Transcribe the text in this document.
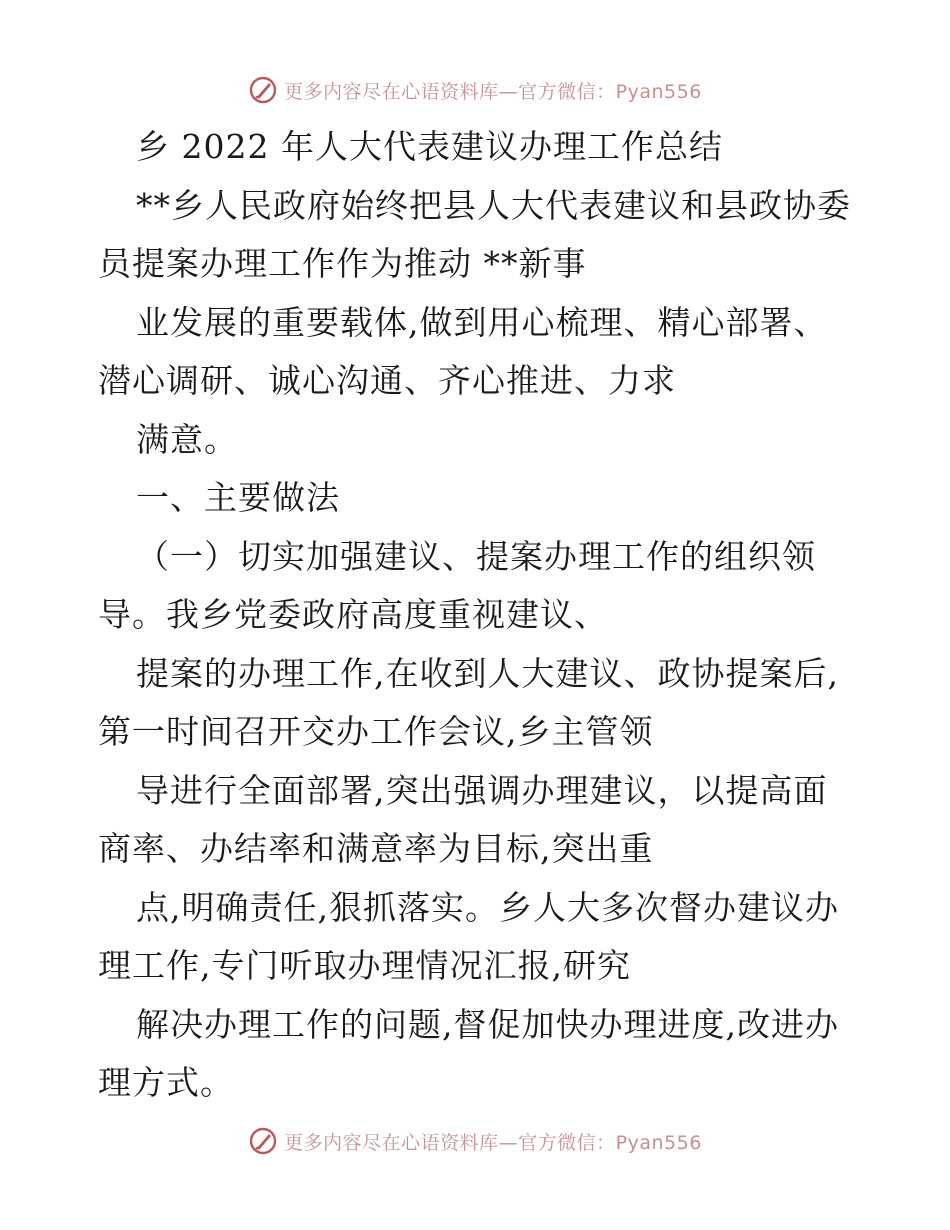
更多内容尽在心语资料库—官方微信：Pyan556
乡 2022 年人大代表建议办理工作总结
**乡人民政府始终把县人大代表建议和县政协委
员提案办理工作作为推动 **新事
业发展的重要载体,做到用心梳理、精心部署、
潜心调研、诚心沟通、齐心推进、力求
满意。
一、主要做法
（一）切实加强建议、提案办理工作的组织领
导。我乡党委政府高度重视建议、
提案的办理工作,在收到人大建议、政协提案后,
第一时间召开交办工作会议,乡主管领
导进行全面部署,突出强调办理建议，以提高面
商率、办结率和满意率为目标,突出重
点,明确责任,狠抓落实。乡人大多次督办建议办
理工作,专门听取办理情况汇报,研究
解决办理工作的问题,督促加快办理进度,改进办
理方式。
更多内容尽在心语资料库—官方微信：Pyan556
